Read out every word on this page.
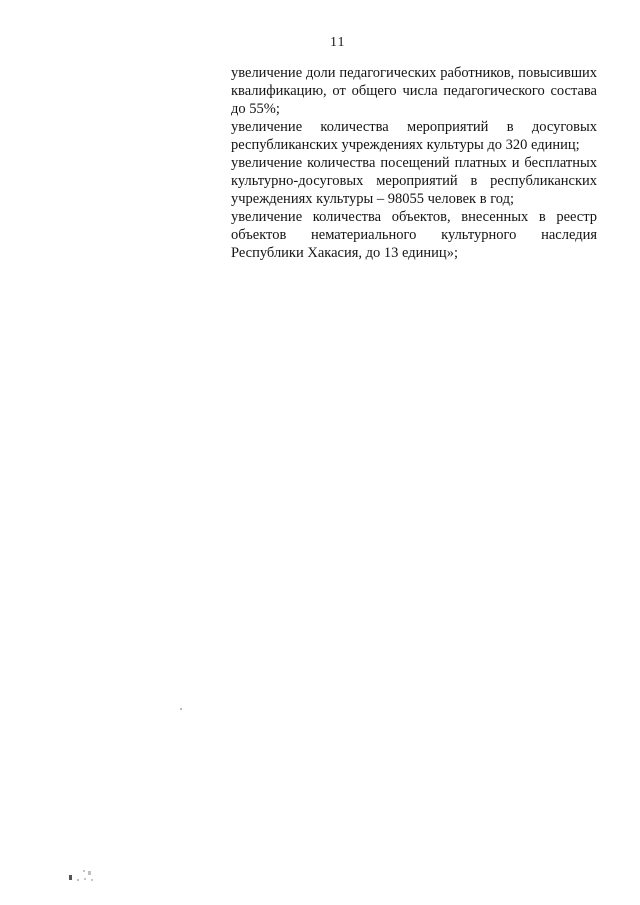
11
увеличение доли педагогических работников, повысивших
квалификацию, от общего числа педагогического состава
до 55%;
увеличение количества мероприятий в досуговых
республиканских учреждениях культуры до 320 единиц;
увеличение количества посещений платных и бесплатных
культурно-досуговых мероприятий в республиканских
учреждениях культуры – 98055 человек в год;
увеличение количества объектов, внесенных в реестр
объектов нематериального культурного наследия
Республики Хакасия, до 13 единиц»;
